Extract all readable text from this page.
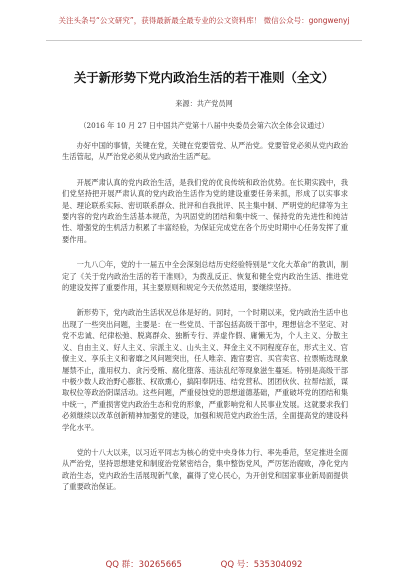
关注头条号“公文研究”，获得最新最全最专业的公文资料库！ 微信公众号：gongwenyj
关于新形势下党内政治生活的若干准则（全文）
来源：共产党员网
（2016 年 10 月 27 日中国共产党第十八届中央委员会第六次全体会议通过）

办好中国的事情，关键在党，关键在党要管党、从严治党。党要管党必须从党内政治生活管起，从严治党必须从党内政治生活严起。

开展严肃认真的党内政治生活，是我们党的优良传统和政治优势。在长期实践中，我们党坚持把开展严肃认真的党内政治生活作为党的建设重要任务来抓，形成了以实事求是、理论联系实际、密切联系群众、批评和自我批评、民主集中制、严明党的纪律等为主要内容的党内政治生活基本规范，为巩固党的团结和集中统一、保持党的先进性和纯洁性、增强党的生机活力积累了丰富经验，为保证完成党在各个历史时期中心任务发挥了重要作用。

一九八〇年，党的十一届五中全会深刻总结历史经验特别是“文化大革命”的教训，制定了《关于党内政治生活的若干准则》，为拨乱反正、恢复和健全党内政治生活、推进党的建设发挥了重要作用，其主要原则和规定今天依然适用，要继续坚持。

新形势下，党内政治生活状况总体是好的。同时，一个时期以来，党内政治生活中也出现了一些突出问题，主要是：在一些党员、干部包括高级干部中，理想信念不坚定、对党不忠诚、纪律松弛、脱离群众、独断专行、弄虚作假、庸懒无为，个人主义、分散主义、自由主义、好人主义、宗派主义、山头主义、拜金主义不同程度存在，形式主义、官僚主义、享乐主义和奢靡之风问题突出，任人唯亲、跑官要官、买官卖官、拉票贿选现象屡禁不止，滥用权力、贪污受贿、腐化堕落、违法乱纪等现象滋生蔓延。特别是高级干部中极少数人政治野心膨胀、权欲熏心，搞阳奉阴违、结党营私、团团伙伙、拉帮结派，谋取权位等政治阴谋活动。这些问题，严重侵蚀党的思想道德基础，严重破坏党的团结和集中统一，严重损害党内政治生态和党的形象，严重影响党和人民事业发展。这就要求我们必须继续以改革创新精神加强党的建设，加强和规范党内政治生活，全面提高党的建设科学化水平。

党的十八大以来，以习近平同志为核心的党中央身体力行、率先垂范，坚定推进全面从严治党，坚持思想建党和制度治党紧密结合，集中整饬党风，严厉惩治腐败，净化党内政治生态，党内政治生活展现新气象，赢得了党心民心，为开创党和国家事业新局面提供了重要政治保证。

QQ 群：30265665	QQ 号：535304092
